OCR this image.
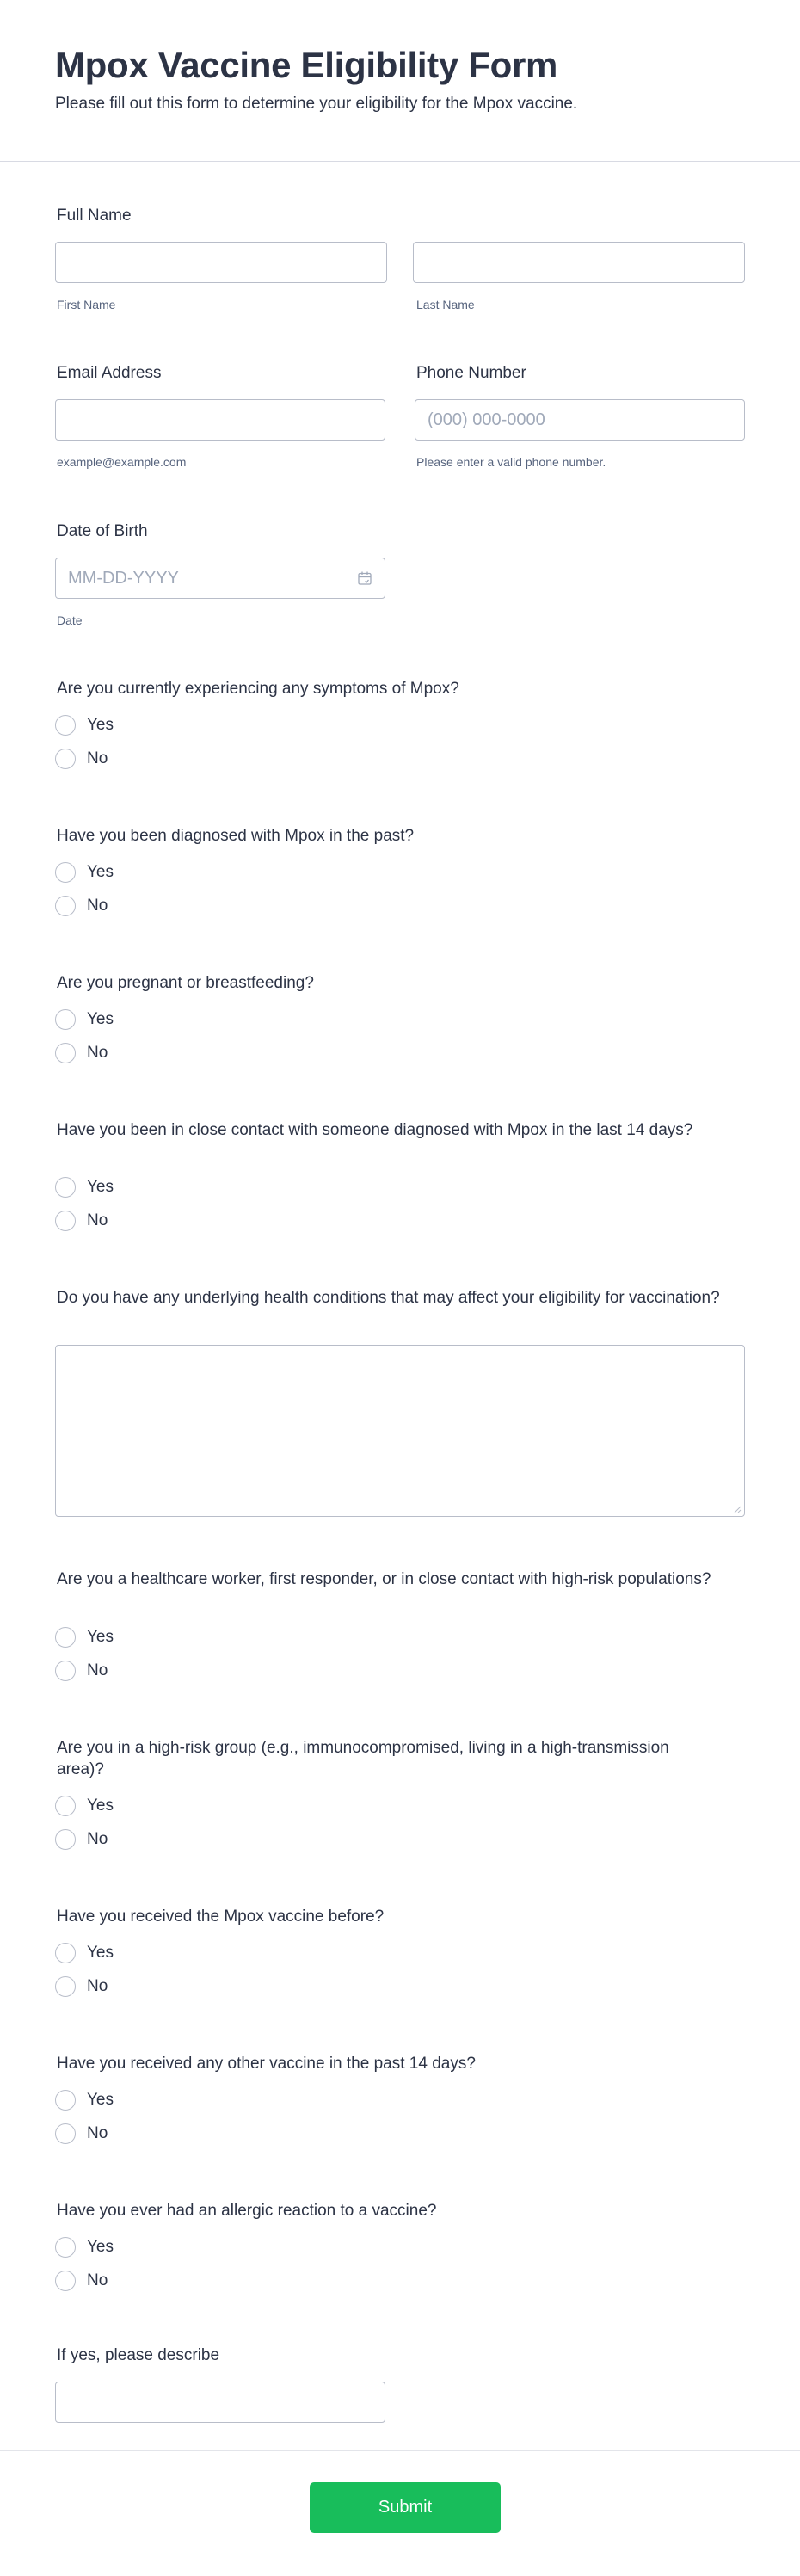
Mpox Vaccine Eligibility Form
Please fill out this form to determine your eligibility for the Mpox vaccine.
Full Name
First Name	Last Name
Email Address
example@example.com
Phone Number
(000) 000-0000
Please enter a valid phone number.
Date of Birth
MM-DD-YYYY
Date
Are you currently experiencing any symptoms of Mpox?
Yes
No
Have you been diagnosed with Mpox in the past?
Yes
No
Are you pregnant or breastfeeding?
Yes
No
Have you been in close contact with someone diagnosed with Mpox in the last 14 days?
Yes
No
Do you have any underlying health conditions that may affect your eligibility for vaccination?
Are you a healthcare worker, first responder, or in close contact with high-risk populations?
Yes
No
Are you in a high-risk group (e.g., immunocompromised, living in a high-transmission area)?
Yes
No
Have you received the Mpox vaccine before?
Yes
No
Have you received any other vaccine in the past 14 days?
Yes
No
Have you ever had an allergic reaction to a vaccine?
Yes
No
If yes, please describe
Submit
